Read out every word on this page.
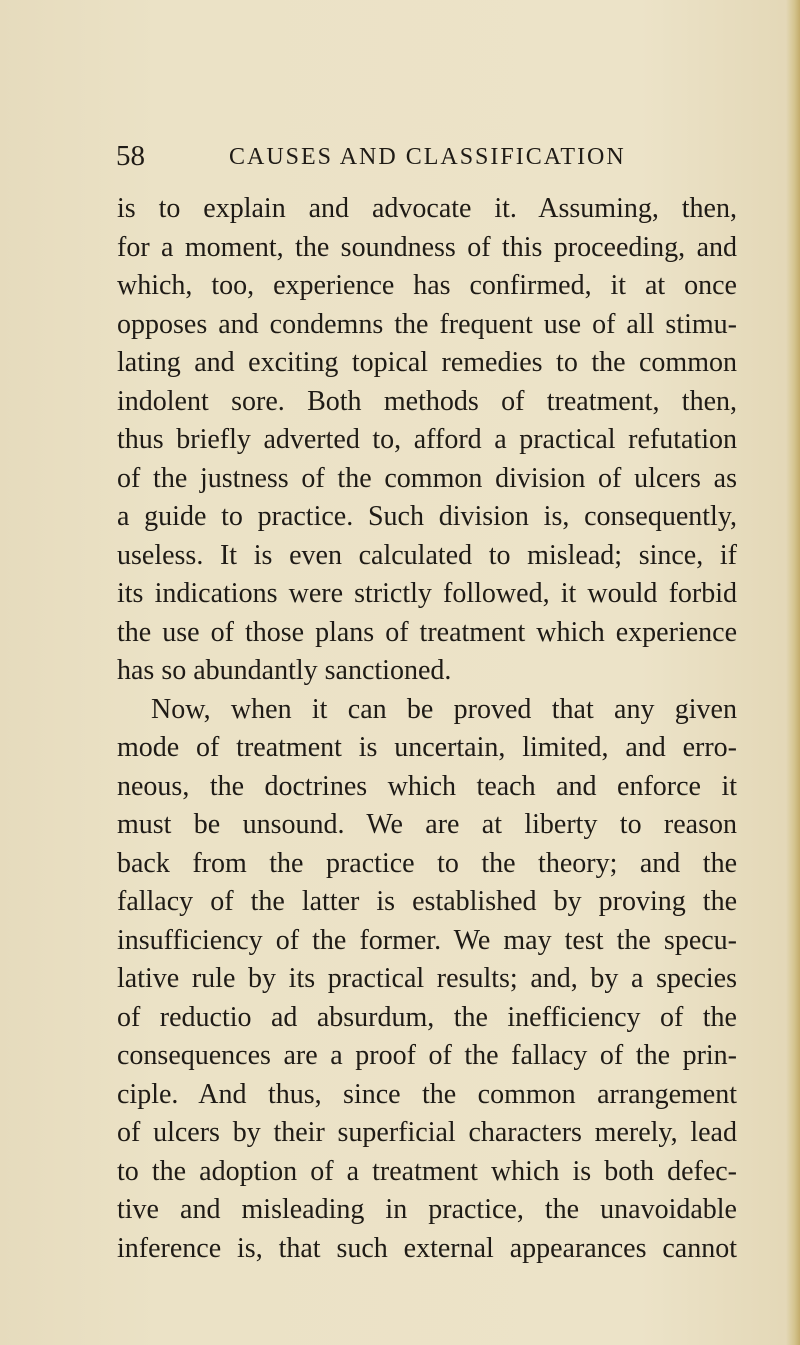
58	CAUSES AND CLASSIFICATION
is to explain and advocate it. Assuming, then,
for a moment, the soundness of this proceeding, and
which, too, experience has confirmed, it at once
opposes and condemns the frequent use of all stimu-
lating and exciting topical remedies to the common
indolent sore. Both methods of treatment, then,
thus briefly adverted to, afford a practical refutation
of the justness of the common division of ulcers as
a guide to practice. Such division is, consequently,
useless. It is even calculated to mislead; since, if
its indications were strictly followed, it would forbid
the use of those plans of treatment which experience
has so abundantly sanctioned.
Now, when it can be proved that any given
mode of treatment is uncertain, limited, and erro-
neous, the doctrines which teach and enforce it
must be unsound. We are at liberty to reason
back from the practice to the theory; and the
fallacy of the latter is established by proving the
insufficiency of the former. We may test the specu-
lative rule by its practical results; and, by a species
of reductio ad absurdum, the inefficiency of the
consequences are a proof of the fallacy of the prin-
ciple. And thus, since the common arrangement
of ulcers by their superficial characters merely, lead
to the adoption of a treatment which is both defec-
tive and misleading in practice, the unavoidable
inference is, that such external appearances cannot
